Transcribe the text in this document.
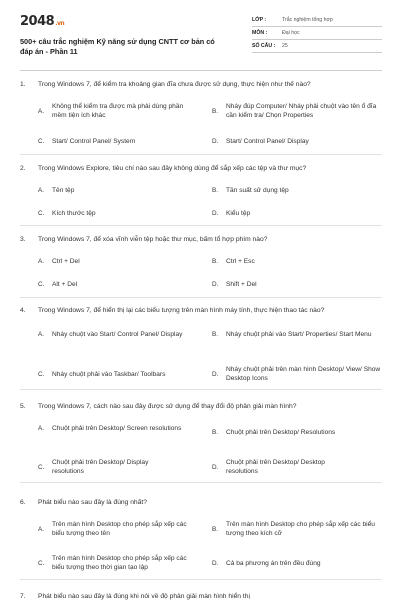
2048.vn
500+ câu trắc nghiệm Kỹ năng sử dụng CNTT cơ bản có đáp án - Phần 11
LỚP :	Trắc nghiệm tổng hợp
MÔN :	Đại học
SỐ CÂU :	25
1. Trong Windows 7, để kiểm tra khoảng gian đĩa chưa được sử dụng, thực hiện như thế nào?
A.
Không thể kiểm tra được mà phải dùng phần mềm tiện ích khác
B.
Nháy đúp Computer/ Nháy phải chuột vào tên ổ đĩa cần kiểm tra/ Chọn Properties
C.	Start/ Control Panel/ System	D.	Start/ Control Panel/ Display
2. Trong Windows Explore, tiêu chí nào sau đây không dùng để sắp xếp các tệp và thư mục?
A.	Tên tệp	B.	Tần suất sử dụng tệp
C.	Kích thước tệp	D.	Kiểu tệp
3. Trong Windows 7, để xóa vĩnh viễn tệp hoặc thư mục, bấm tổ hợp phím nào?
A.	Ctrl + Del	B.	Ctrl + Esc
C.	Alt + Del	D.	Shift + Del
4. Trong Windows 7, để hiển thị lại các biểu tượng trên màn hình máy tính, thực hiện thao tác nào?
A.	Nháy chuột vào Start/ Control Panel/ Display	B.	Nháy chuột phải vào Start/ Properties/ Start Menu
C.	Nháy chuột phải vào Taskbar/ Toolbars	D.
Nháy chuột phải trên màn hình Desktop/ View/ Show Desktop Icons
5. Trong Windows 7, cách nào sau đây được sử dụng để thay đổi độ phân giải màn hình?
A.	Chuột phải trên Desktop/ Screen resolutions
B.	Chuột phải trên Desktop/ Resolutions
C.
Chuột phải trên Desktop/ Display resolutions
D.
Chuột phải trên Desktop/ Desktop resolutions
6. Phát biểu nào sau đây là đúng nhất?
A.
Trên màn hình Desktop cho phép sắp xếp các biểu tượng theo tên
B.
Trên màn hình Desktop cho phép sắp xếp các biểu tượng theo kích cỡ
C.
Trên màn hình Desktop cho phép sắp xếp các biểu tượng theo thời gian tạo lập
D.	Cả ba phương án trên đều đúng
7. Phát biểu nào sau đây là đúng khi nói về độ phân giải màn hình hiển thị
